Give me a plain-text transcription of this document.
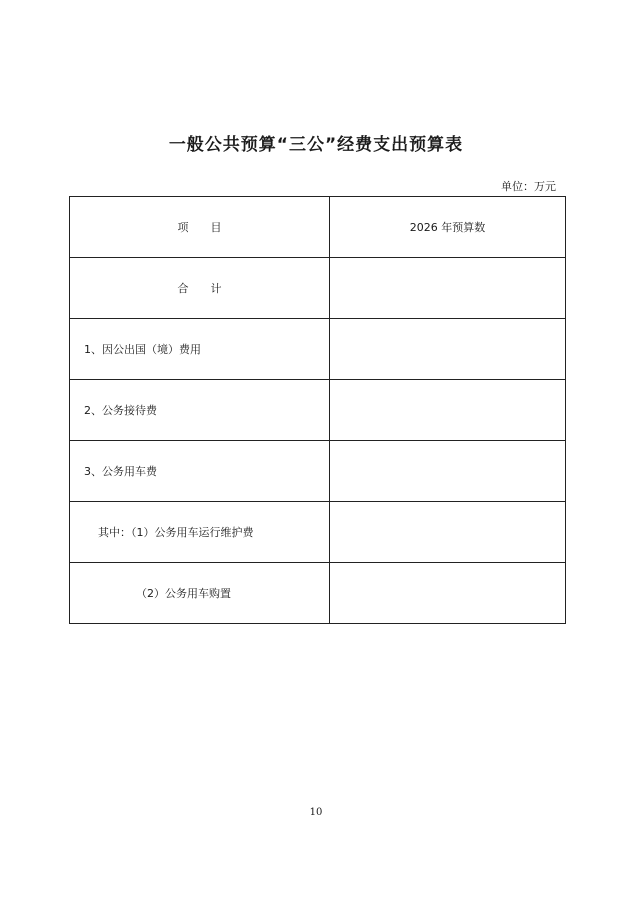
一般公共预算“三公”经费支出预算表
单位：万元
项　　目	2026 年预算数
合　　计	
1、因公出国（境）费用	
2、公务接待费	
3、公务用车费	
其中：（1）公务用车运行维护费	
（2）公务用车购置	
10
